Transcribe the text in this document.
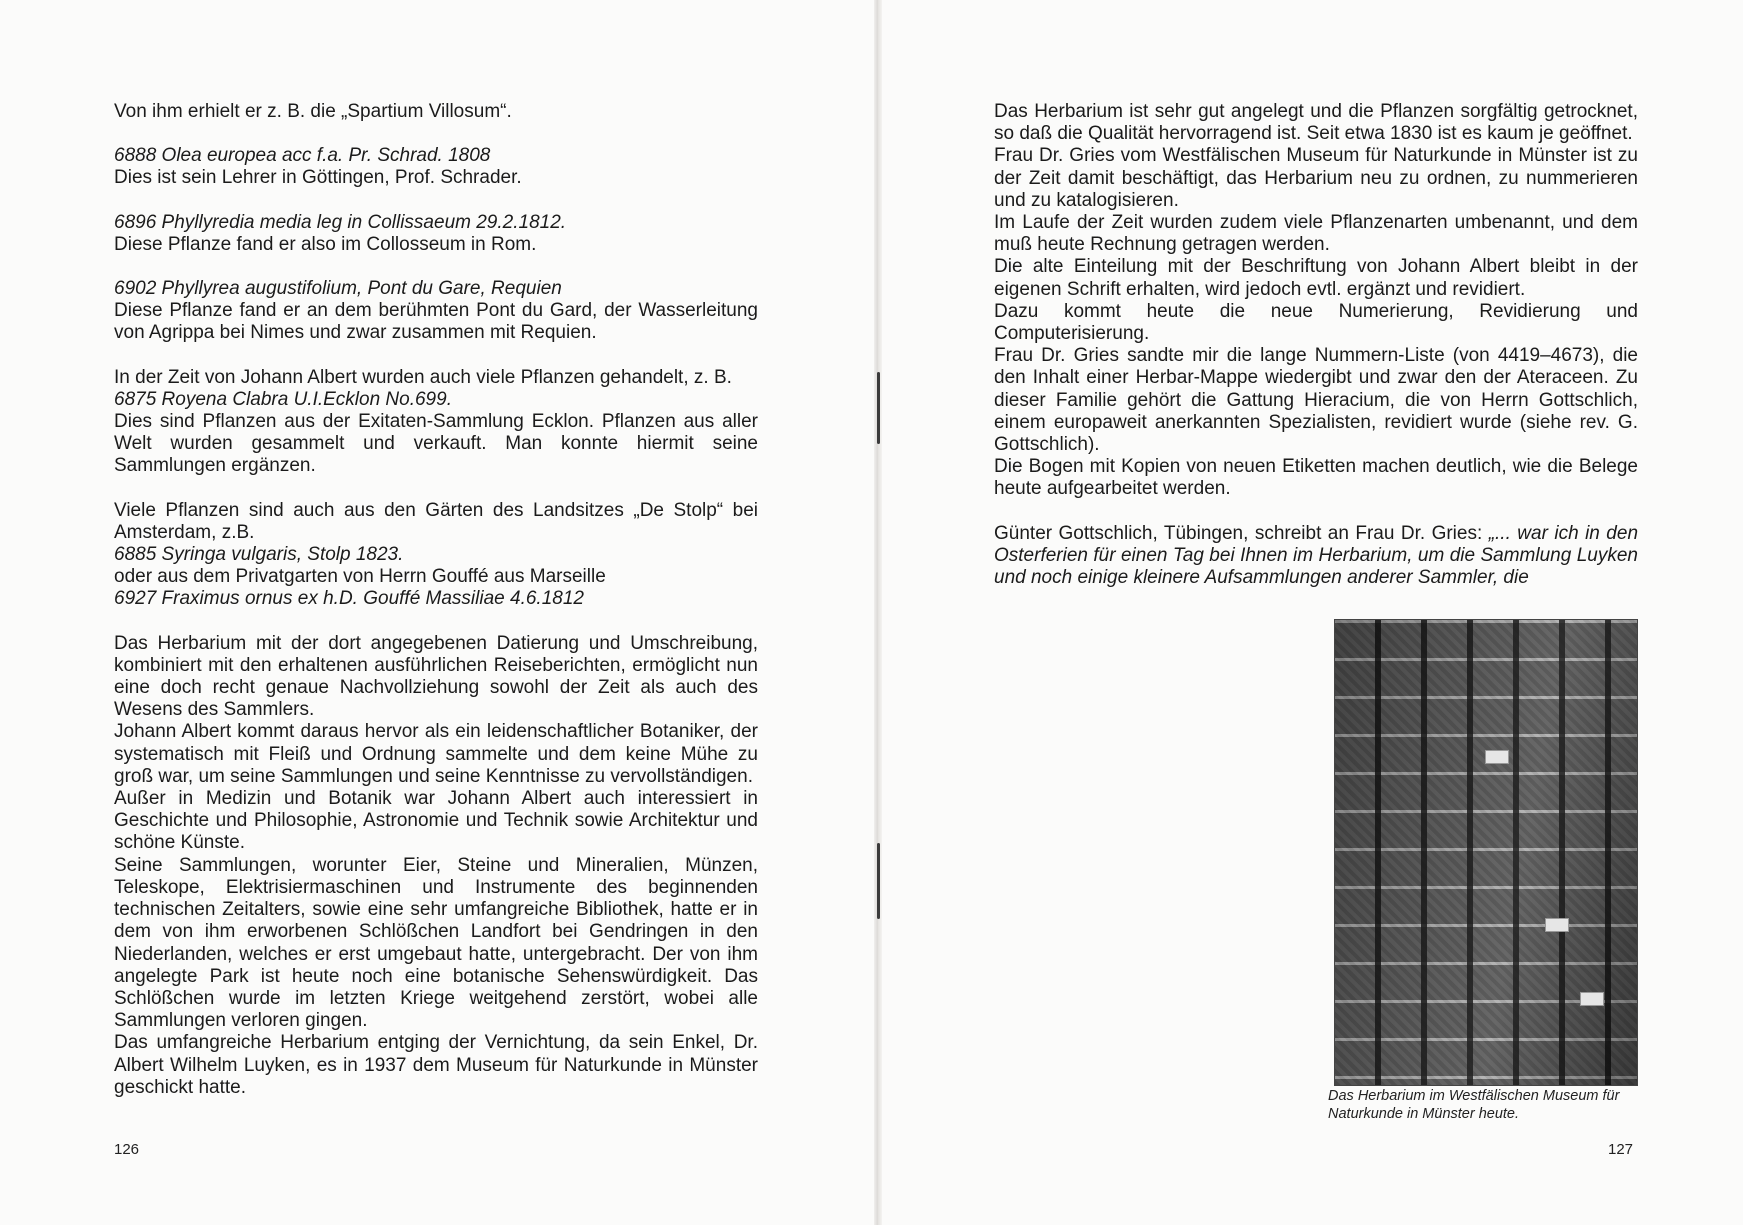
Von ihm erhielt er z. B. die „Spartium Villosum“.

6888 Olea europea acc f.a. Pr. Schrad. 1808

Dies ist sein Lehrer in Göttingen, Prof. Schrader.

6896 Phyllyredia media leg in Collissaeum 29.2.1812.

Diese Pflanze fand er also im Collosseum in Rom.

6902 Phyllyrea augustifolium, Pont du Gare, Requien

Diese Pflanze fand er an dem berühmten Pont du Gard, der Wasserleitung von Agrippa bei Nimes und zwar zusammen mit Requien.

In der Zeit von Johann Albert wurden auch viele Pflanzen gehandelt, z. B.

6875 Royena Clabra U.I.Ecklon No.699.

Dies sind Pflanzen aus der Exitaten-Sammlung Ecklon. Pflanzen aus aller Welt wurden gesammelt und verkauft. Man konnte hiermit seine Sammlungen ergänzen.

Viele Pflanzen sind auch aus den Gärten des Landsitzes „De Stolp“ bei Amsterdam, z.B.

6885 Syringa vulgaris, Stolp 1823.

oder aus dem Privatgarten von Herrn Gouffé aus Marseille

6927 Fraximus ornus ex h.D. Gouffé Massiliae 4.6.1812

Das Herbarium mit der dort angegebenen Datierung und Umschreibung, kombiniert mit den erhaltenen ausführlichen Reiseberichten, ermöglicht nun eine doch recht genaue Nachvollziehung sowohl der Zeit als auch des Wesens des Sammlers.

Johann Albert kommt daraus hervor als ein leidenschaftlicher Botaniker, der systematisch mit Fleiß und Ordnung sammelte und dem keine Mühe zu groß war, um seine Sammlungen und seine Kenntnisse zu vervollständigen.

Außer in Medizin und Botanik war Johann Albert auch interessiert in Geschichte und Philosophie, Astronomie und Technik sowie Architektur und schöne Künste.

Seine Sammlungen, worunter Eier, Steine und Mineralien, Münzen, Teleskope, Elektrisiermaschinen und Instrumente des beginnenden technischen Zeitalters, sowie eine sehr umfangreiche Bibliothek, hatte er in dem von ihm erworbenen Schlößchen Landfort bei Gendringen in den Niederlanden, welches er erst umgebaut hatte, untergebracht. Der von ihm angelegte Park ist heute noch eine botanische Sehenswürdigkeit. Das Schlößchen wurde im letzten Kriege weitgehend zerstört, wobei alle Sammlungen verloren gingen.

Das umfangreiche Herbarium entging der Vernichtung, da sein Enkel, Dr. Albert Wilhelm Luyken, es in 1937 dem Museum für Naturkunde in Münster geschickt hatte.

126

Das Herbarium ist sehr gut angelegt und die Pflanzen sorgfältig getrocknet, so daß die Qualität hervorragend ist. Seit etwa 1830 ist es kaum je geöffnet.

Frau Dr. Gries vom Westfälischen Museum für Naturkunde in Münster ist zu der Zeit damit beschäftigt, das Herbarium neu zu ordnen, zu nummerieren und zu katalogisieren.

Im Laufe der Zeit wurden zudem viele Pflanzenarten umbenannt, und dem muß heute Rechnung getragen werden.

Die alte Einteilung mit der Beschriftung von Johann Albert bleibt in der eigenen Schrift erhalten, wird jedoch evtl. ergänzt und revidiert.

Dazu kommt heute die neue Numerierung, Revidierung und Computerisierung.

Frau Dr. Gries sandte mir die lange Nummern-Liste (von 4419–4673), die den Inhalt einer Herbar-Mappe wiedergibt und zwar den der Ateraceen. Zu dieser Familie gehört die Gattung Hieracium, die von Herrn Gottschlich, einem europaweit anerkannten Spezialisten, revidiert wurde (siehe rev. G. Gottschlich).

Die Bogen mit Kopien von neuen Etiketten machen deutlich, wie die Belege heute aufgearbeitet werden.

Günter Gottschlich, Tübingen, schreibt an Frau Dr. Gries: „... war ich in den Osterferien für einen Tag bei Ihnen im Herbarium, um die Sammlung Luyken und noch einige kleinere Aufsammlungen anderer Sammler, die

Das Herbarium im Westfälischen Museum für Naturkunde in Münster heute.
127
